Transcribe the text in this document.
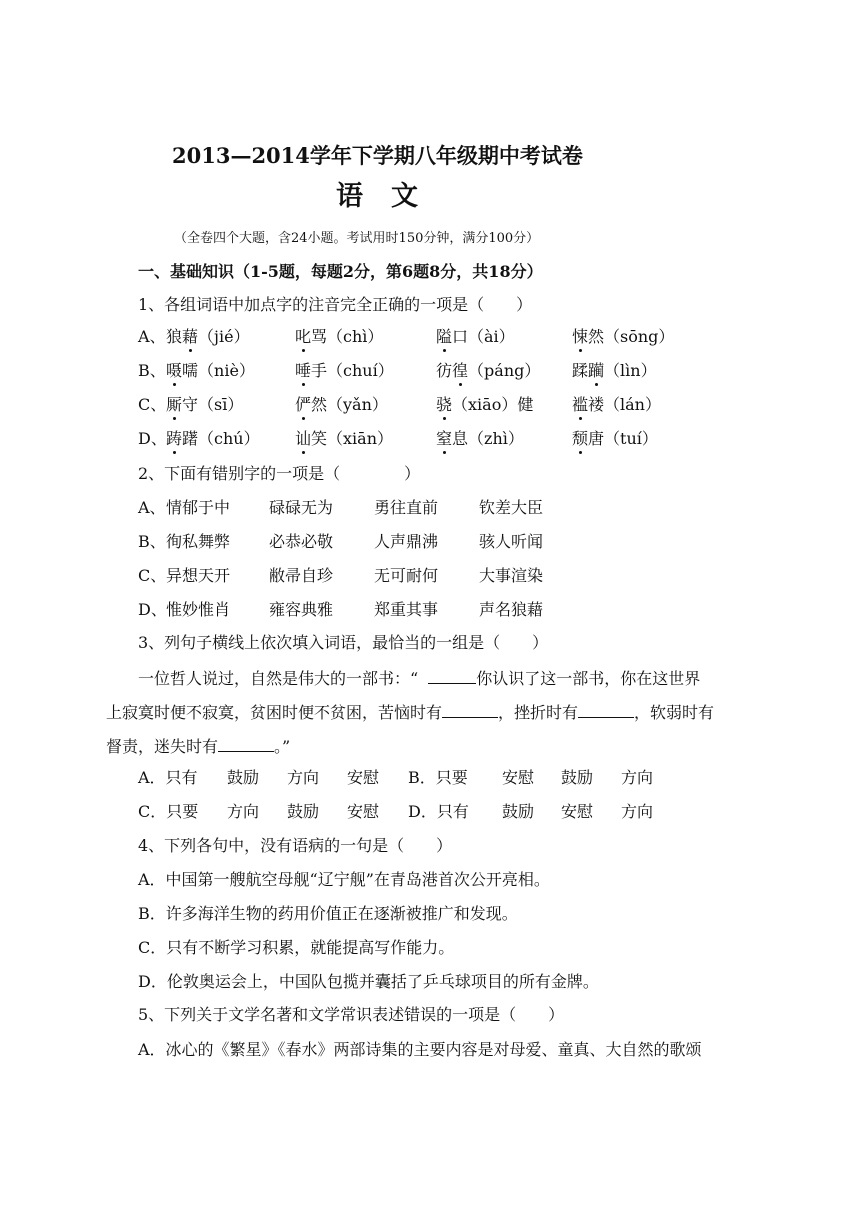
2013—2014学年下学期八年级期中考试卷
语文
（全卷四个大题，含24小题。考试用时150分钟，满分100分）
一、基础知识（1-5题，每题2分，第6题8分，共18分）
1、各组词语中加点字的注音完全正确的一项是（　　）
A、 狼藉（jié）	叱骂（chì）	隘口（ài）	悚然（sōng）
B、 嗫嚅（niè）	唾手（chuí）	彷徨（páng） 蹂躏（lìn）
C、 厮守（sī）	俨然（yǎn）	骁（xiāo）健 褴褛（lán）
D、 踌躇（chú） 讪笑（xiān）	窒息（zhì）	颓唐（tuí）
2、下面有错别字的一项是（　　　　）
A、 情郁于中 碌碌无为	勇往直前	钦差大臣
B、 徇私舞弊 必恭必敬	人声鼎沸	骇人听闻
C、 异想天开 敝帚自珍	无可耐何	大事渲染
D、 惟妙惟肖 雍容典雅	郑重其事	声名狼藉
3、列句子横线上依次填入词语，最恰当的一组是（　　）
一位哲人说过，自然是伟大的一部书：“	你认识了这一部书，你在这世界
上寂寞时便不寂寞，贫困时便不贫困，苦恼时有	，挫折时有	，软弱时有
督责，迷失时有	。”
A．只有 鼓励 方向 安慰 B．只要 安慰 鼓励 方向
C．只要 方向 鼓励 安慰 D．只有 鼓励 安慰 方向
4、下列各句中，没有语病的一句是（　　）
A．中国第一艘航空母舰“辽宁舰”在青岛港首次公开亮相。
B．许多海洋生物的药用价值正在逐渐被推广和发现。
C．只有不断学习积累，就能提高写作能力。
D．伦敦奥运会上，中国队包揽并囊括了乒乓球项目的所有金牌。
5、下列关于文学名著和文学常识表述错误的一项是（　　）
A．冰心的《繁星》《春水》两部诗集的主要内容是对母爱、童真、大自然的歌颂
